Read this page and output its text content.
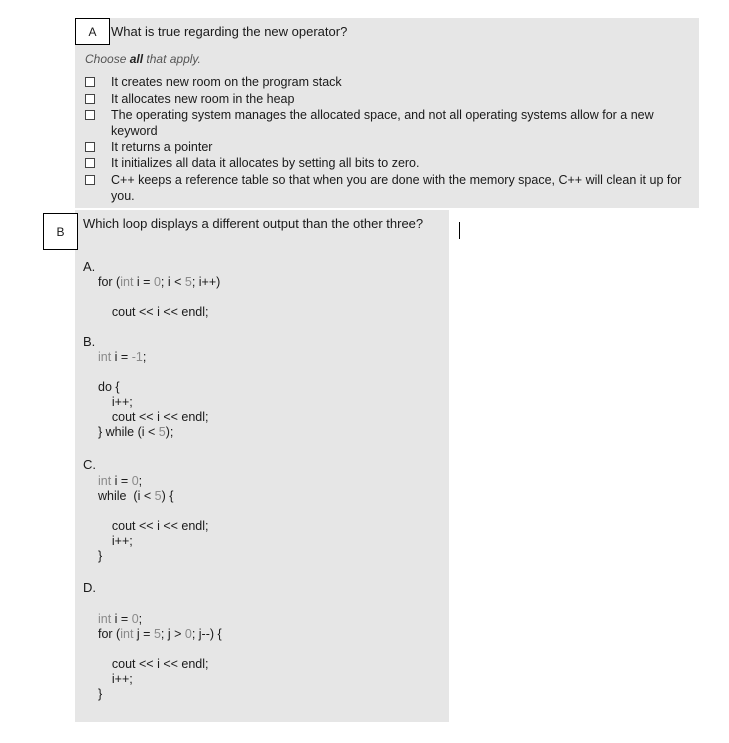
A	What is true regarding the new operator?
Choose all that apply.
It creates new room on the program stack
It allocates new room in the heap
The operating system manages the allocated space, and not all operating systems allow for a new keyword
It returns a pointer
It initializes all data it allocates by setting all bits to zero.
C++ keeps a reference table so that when you are done with the memory space, C++ will clean it up for you.
B
Which loop displays a different output than the other three?
A.
for (int i = 0; i < 5; i++)

cout << i << endl;
B.
int i = -1;

do {
i++;
cout << i << endl;
} while (i < 5);
C.
int i = 0;
while  (i < 5) {

cout << i << endl;
i++;
}
D.
int i = 0;
for (int j = 5; j > 0; j--) {

cout << i << endl;
i++;
}
